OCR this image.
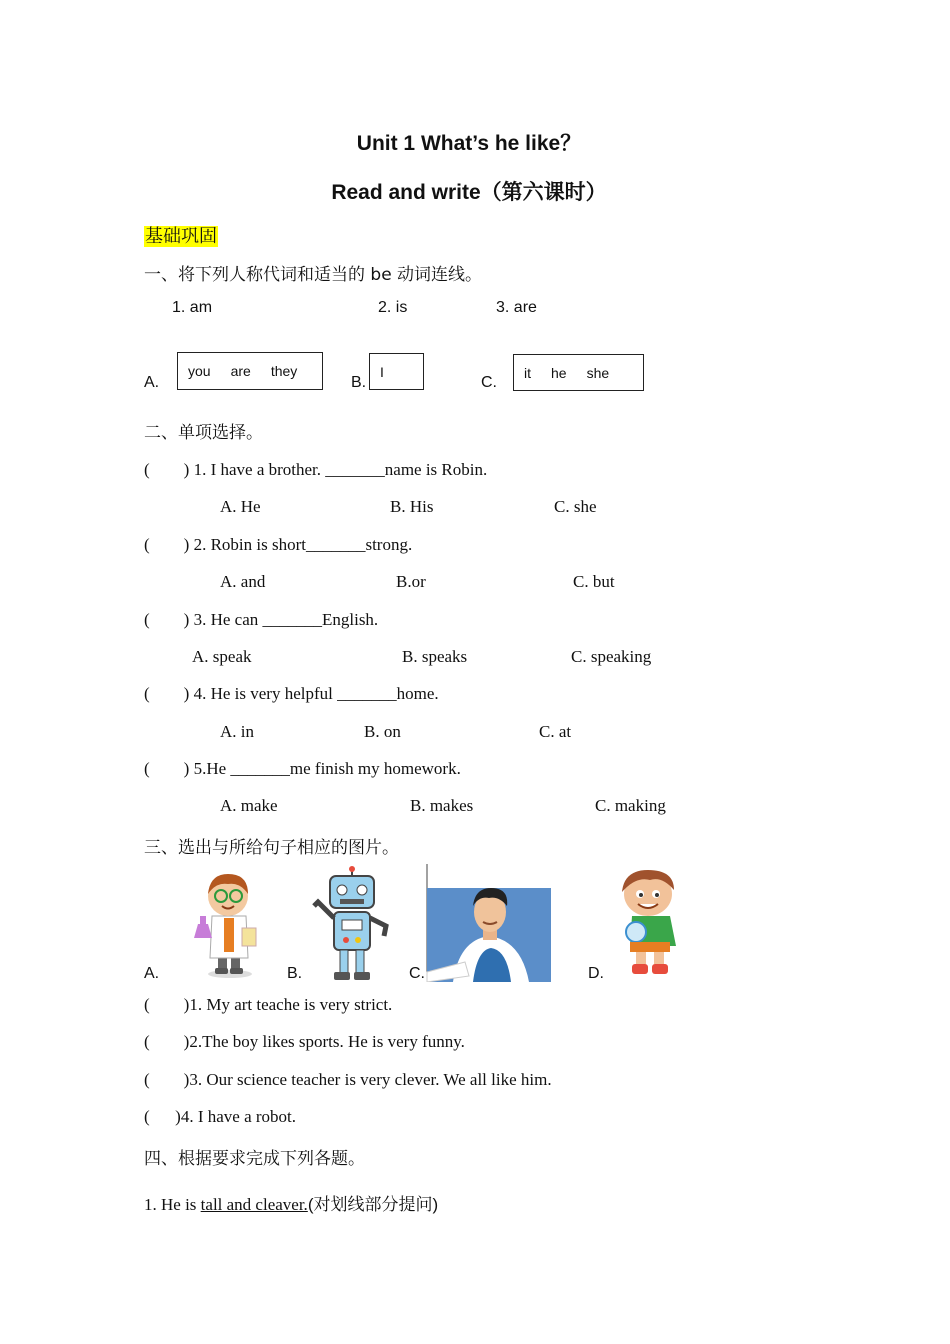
Unit 1 What’s he like？
Read and write（第六课时）
基础巩固
一、将下列人称代词和适当的 be 动词连线。
1. am	2. is	3. are
A.
you are they
B.
I
C.
it he she
二、单项选择。
(        ) 1. I have a brother. _______name is Robin.
A. He	B. His	C. she
(        ) 2. Robin is short_______strong.
A. and	B.or	C. but
(        ) 3. He can _______English.
A. speak	B. speaks	C. speaking
(        ) 4. He is very helpful _______home.
A. in	B. on	C. at
(        ) 5.He _______me finish my homework.
A. make	B. makes	C. making
三、选出与所给句子相应的图片。
A.	B.	C.	D.
(        )1. My art teache is very strict.
(        )2.The boy likes sports. He is very funny.
(        )3. Our science teacher is very clever. We all like him.
(      )4. I have a robot.
四、根据要求完成下列各题。
1. He is tall and cleaver.(对划线部分提问)
